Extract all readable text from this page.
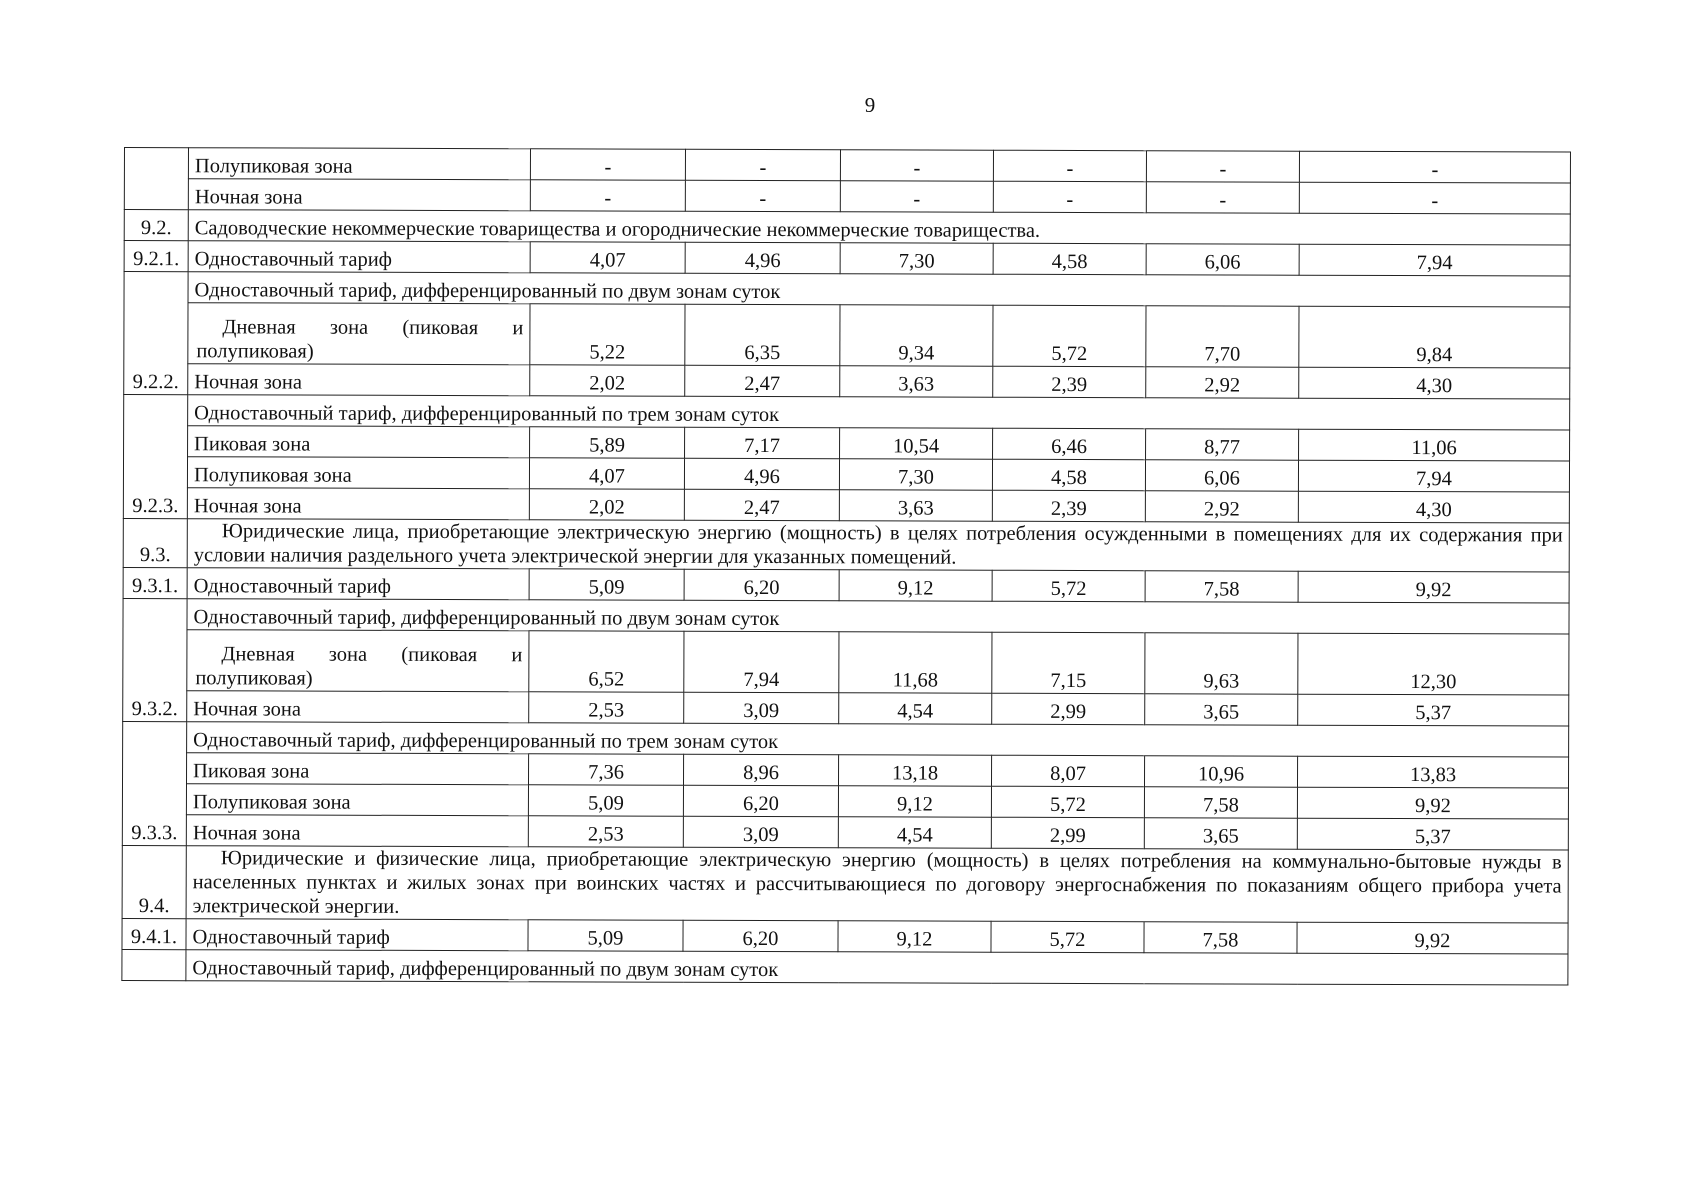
9
	Полупиковая зона	-	-	-	-	-	-
	Ночная зона	-	-	-	-	-	-
9.2.	Садоводческие некоммерческие товарищества и огороднические некоммерческие товарищества.						
9.2.1.	Одноставочный тариф	4,07	4,96	7,30	4,58	6,06	7,94
9.2.2.	Одноставочный тариф, дифференцированный по двум зонам суток						

	Дневная зона (пиковая и
полупиковая)	5,22	6,35	9,34	5,72	7,70	9,84
	Ночная зона	2,02	2,47	3,63	2,39	2,92	4,30
9.2.3.	Одноставочный тариф, дифференцированный по трем зонам суток						
	Пиковая зона	5,89	7,17	10,54	6,46	8,77	11,06
	Полупиковая зона	4,07	4,96	7,30	4,58	6,06	7,94
	Ночная зона	2,02	2,47	3,63	2,39	2,92	4,30
9.3.	Юридические лица, приобретающие электрическую энергию (мощность) в целях потребления осужденными в помещениях для их содержания при условии наличия раздельного учета электрической энергии для указанных помещений.						
9.3.1.	Одноставочный тариф	5,09	6,20	9,12	5,72	7,58	9,92
9.3.2.	Одноставочный тариф, дифференцированный по двум зонам суток						

	Дневная зона (пиковая и
полупиковая)	6,52	7,94	11,68	7,15	9,63	12,30
	Ночная зона	2,53	3,09	4,54	2,99	3,65	5,37
9.3.3.	Одноставочный тариф, дифференцированный по трем зонам суток						
	Пиковая зона	7,36	8,96	13,18	8,07	10,96	13,83
	Полупиковая зона	5,09	6,20	9,12	5,72	7,58	9,92
	Ночная зона	2,53	3,09	4,54	2,99	3,65	5,37
9.4.	Юридические и физические лица, приобретающие электрическую энергию (мощность) в целях потребления на коммунально-бытовые нужды в населенных пунктах и жилых зонах при воинских частях и рассчитывающиеся по договору энергоснабжения по показаниям общего прибора учета электрической энергии.						
9.4.1.	Одноставочный тариф	5,09	6,20	9,12	5,72	7,58	9,92
	Одноставочный тариф, дифференцированный по двум зонам суток						
